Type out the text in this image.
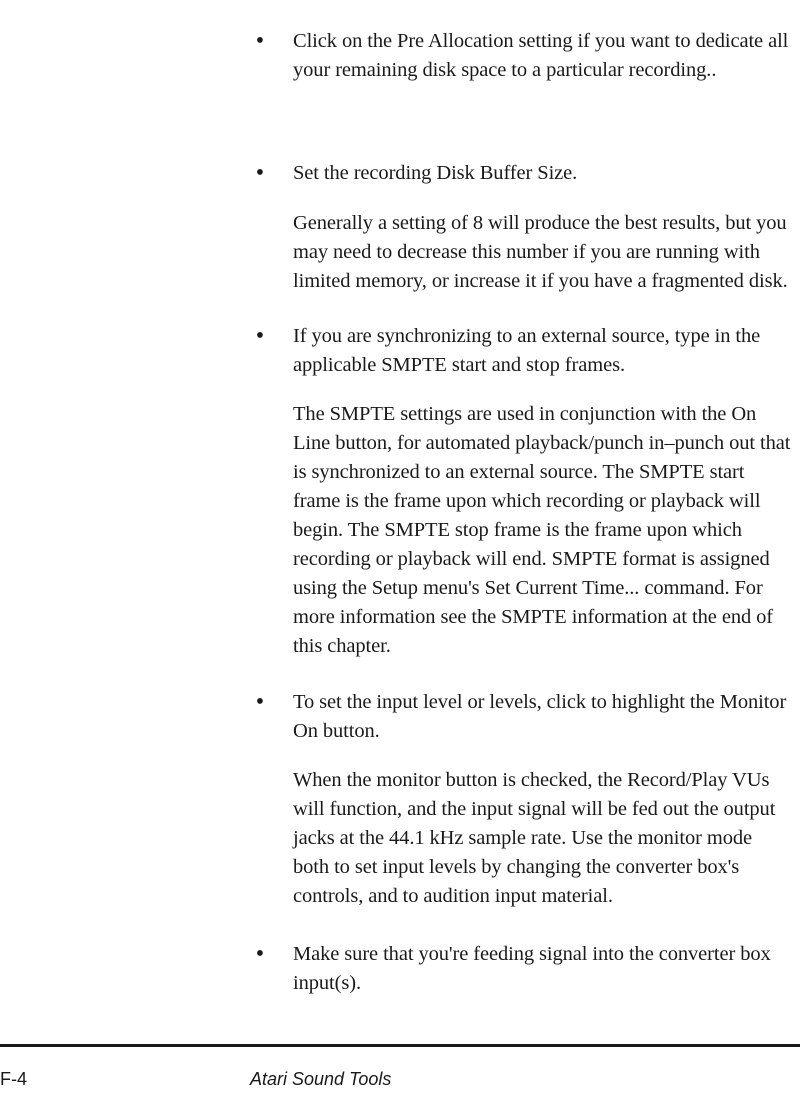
• Click on the Pre Allocation setting if you want to dedicate all your remaining disk space to a particular recording..

• Set the recording Disk Buffer Size.

Generally a setting of 8 will produce the best results, but you may need to decrease this number if you are running with limited memory, or increase it if you have a fragmented disk.

• If you are synchronizing to an external source, type in the applicable SMPTE start and stop frames.

The SMPTE settings are used in conjunction with the On Line button, for automated playback/punch in–punch out that is synchronized to an external source. The SMPTE start frame is the frame upon which recording or playback will begin. The SMPTE stop frame is the frame upon which recording or playback will end. SMPTE format is assigned using the Setup menu's Set Current Time... command. For more information see the SMPTE information at the end of this chapter.

• To set the input level or levels, click to highlight the Monitor On button.

When the monitor button is checked, the Record/Play VUs will function, and the input signal will be fed out the output jacks at the 44.1 kHz sample rate. Use the monitor mode both to set input levels by changing the converter box's controls, and to audition input material.

• Make sure that you're feeding signal into the converter box input(s).

F-4	Atari Sound Tools
